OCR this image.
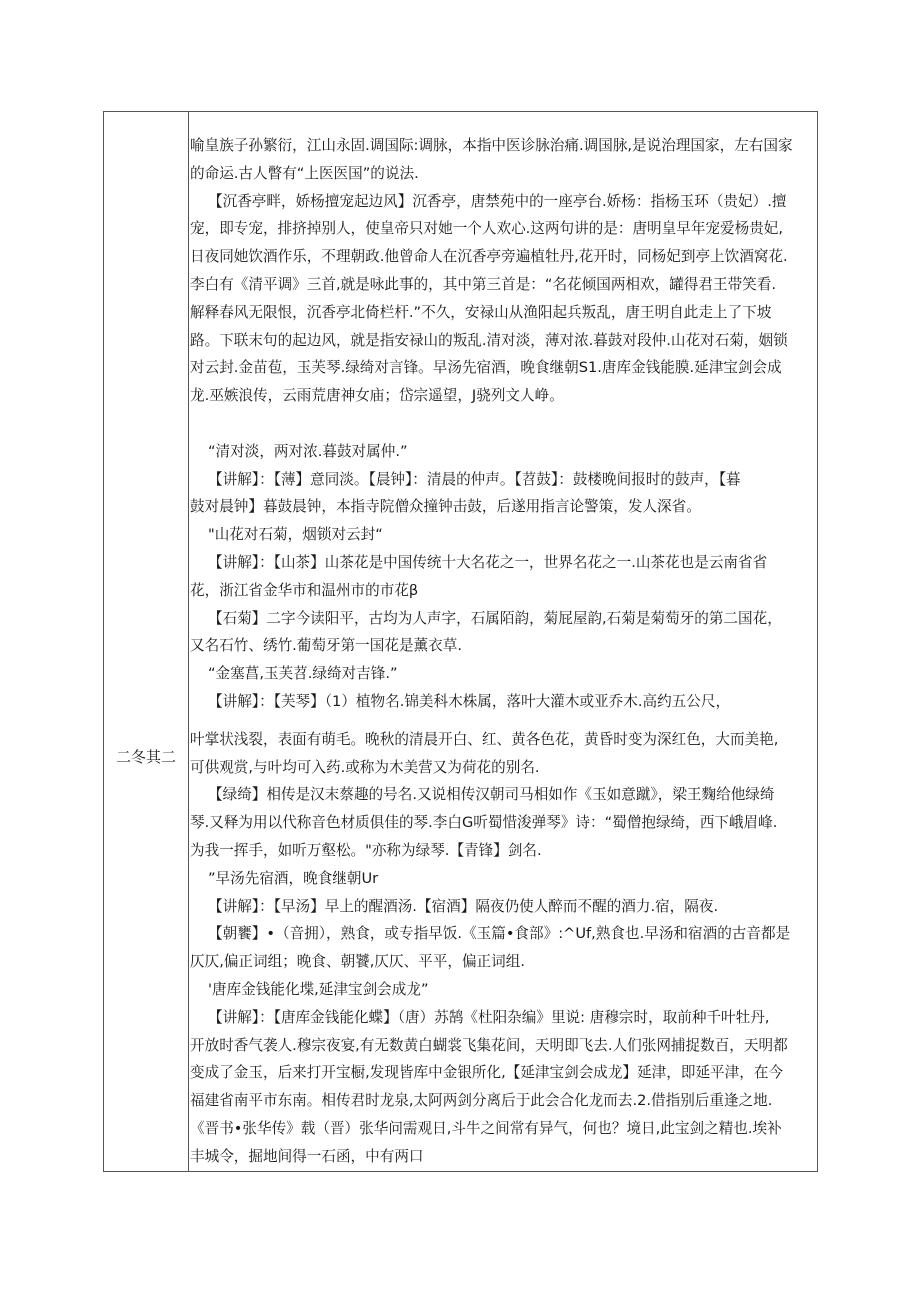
二冬其二
喻皇族子孙繁衍，江山永固.调国际:调脉，本指中医诊脉治痛.调国脉,是说治理国家，左右国家
的命运.古人瞥有“上医医国”的说法.
【沉香亭畔，娇杨擅宠起边风】沉香亭，唐禁苑中的一座亭台.娇杨：指杨玉环（贵妃）.擅
宠，即专宠，排挤掉别人，使皇帝只对她一个人欢心.这两句讲的是：唐明皇早年宠爱杨贵妃,
日夜同她饮酒作乐，不理朝政.他曾命人在沉香亭旁遍植牡丹,花开时，同杨妃到亭上饮酒窝花.
李白有《清平调》三首,就是咏此事的，其中第三首是：“名花倾国两相欢，罐得君王带笑看.
解释春风无限恨，沉香亭北倚栏杆.”不久，安禄山从渔阳起兵叛乱，唐王明自此走上了下坡
路。下联末句的起边风，就是指安禄山的叛乱.清对淡，薄对浓.暮鼓对段仲.山花对石菊，姻锁
对云封.金苗苞，玉芙琴.绿绮对言锋。早汤先宿酒，晚食继朝S1.唐库金钱能膜.延津宝剑会成
龙.巫嫉浪传，云雨荒唐神女庙；岱宗遥望，J骁列文人峥。
“清对淡，两对浓.暮鼓对属仲.”
【讲解】：【薄】意同淡。【晨钟】：清晨的仲声。【苕鼓】：鼓楼晚间报时的鼓声，【暮
鼓对晨钟】暮鼓晨钟，本指寺院僧众撞钟击鼓，后遂用指言论警策，发人深省。
"山花对石菊，烟锁对云封“
【讲解】：【山茶】山茶花是中国传统十大名花之一，世界名花之一.山茶花也是云南省省
花，浙江省金华市和温州市的市花β
【石菊】二字今读阳平，古均为人声字，石属陌韵，菊屁屋韵,石菊是菊萄牙的第二国花，
又名石竹、绣竹.葡萄牙第一国花是薰衣草.
“金塞菖,玉芙苕.绿绮对吉锋.”
【讲解】：【芙琴】（1）植物名.锦美科木株属，落叶大灌木或亚乔木.高约五公尺，
叶掌状浅裂，表面有萌毛。晚秋的清晨开白、红、黄各色花，黄昏时变为深红色，大而美艳,
可供观赏,与叶均可入药.或称为木美营又为荷花的别名.
【绿绮】相传是汉末蔡趣的号名.又说相传汉朝司马相如作《玉如意蹴》，梁王麴给他绿绮
琴.又释为用以代称音色材质俱佳的琴.李白G听蜀惜浚弹琴》诗：“蜀僧抱绿绮，西下峨眉峰.
为我一挥手，如听万壑松。"亦称为绿琴.【青锋】剑名.
”早汤先宿酒，晚食继朝Ur
【讲解】：【早汤】早上的醒酒汤.【宿酒】隔夜仍使人醉而不醒的酒力.宿，隔夜.
【朝饔】•（音拥），熟食，或专指早饭.《玉篇•食部》:^Uf,熟食也.早汤和宿酒的古音都是
仄仄,偏正词组；晚食、朝饕,仄仄、平平，偏正词组.
'唐库金钱能化堞,延津宝剑会成龙”
【讲解】：【唐库金钱能化蝶】（唐）苏鹄《杜阳杂编》里说: 唐穆宗时，取前种千叶牡丹,
开放时香气袭人.穆宗夜宴,有无数黄白蝴裳飞集花间，天明即飞去.人们张网捕捉数百，天明都
变成了金玉，后来打开宝橱,发现皆库中金银所化,【延津宝剑会成龙】延津，即延平津，在今
福建省南平市东南。相传君时龙泉,太阿两剑分离后于此会合化龙而去.2.借指别后重逢之地.
《晋书•张华传》载（晋）张华问需观日,斗牛之间常有异气，何也？境日,此宝剑之精也.埃补
丰城令，掘地间得一石函，中有两口
